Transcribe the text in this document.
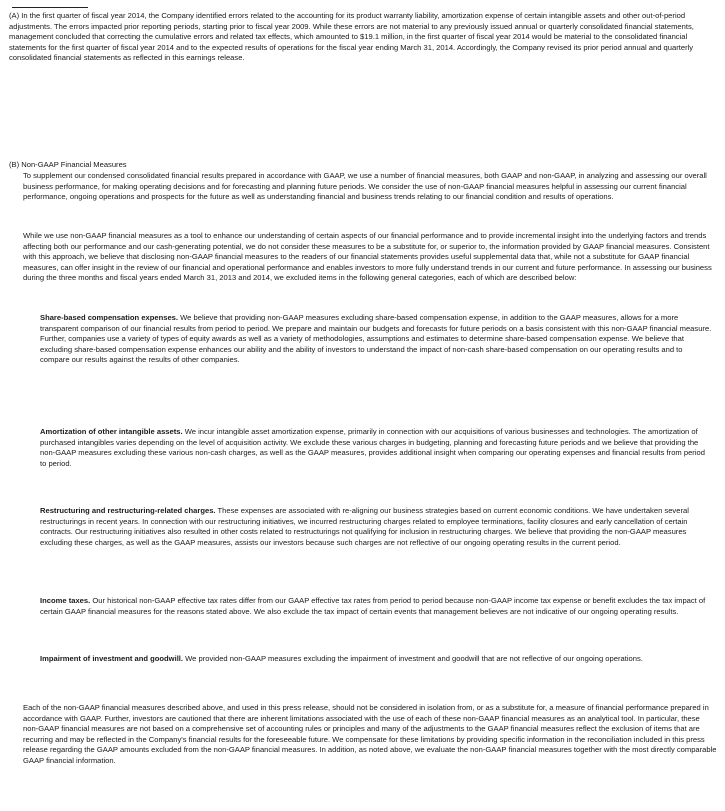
(A) In the first quarter of fiscal year 2014, the Company identified errors related to the accounting for its product warranty liability, amortization expense of certain intangible assets and other out-of-period adjustments. The errors impacted prior reporting periods, starting prior to fiscal year 2009. While these errors are not material to any previously issued annual or quarterly consolidated financial statements, management concluded that correcting the cumulative errors and related tax effects, which amounted to $19.1 million, in the first quarter of fiscal year 2014 would be material to the consolidated financial statements for the first quarter of fiscal year 2014 and to the expected results of operations for the fiscal year ending March 31, 2014. Accordingly, the Company revised its prior period annual and quarterly consolidated financial statements as reflected in this earnings release.

(B) Non-GAAP Financial Measures

To supplement our condensed consolidated financial results prepared in accordance with GAAP, we use a number of financial measures, both GAAP and non-GAAP, in analyzing and assessing our overall business performance, for making operating decisions and for forecasting and planning future periods. We consider the use of non-GAAP financial measures helpful in assessing our current financial performance, ongoing operations and prospects for the future as well as understanding financial and business trends relating to our financial condition and results of operations.

While we use non-GAAP financial measures as a tool to enhance our understanding of certain aspects of our financial performance and to provide incremental insight into the underlying factors and trends affecting both our performance and our cash-generating potential, we do not consider these measures to be a substitute for, or superior to, the information provided by GAAP financial measures. Consistent with this approach, we believe that disclosing non-GAAP financial measures to the readers of our financial statements provides useful supplemental data that, while not a substitute for GAAP financial measures, can offer insight in the review of our financial and operational performance and enables investors to more fully understand trends in our current and future performance. In assessing our business during the three months and fiscal years ended March 31, 2013 and 2014, we excluded items in the following general categories, each of which are described below:

Share-based compensation expenses. We believe that providing non-GAAP measures excluding share-based compensation expense, in addition to the GAAP measures, allows for a more transparent comparison of our financial results from period to period. We prepare and maintain our budgets and forecasts for future periods on a basis consistent with this non-GAAP financial measure. Further, companies use a variety of types of equity awards as well as a variety of methodologies, assumptions and estimates to determine share-based compensation expense. We believe that excluding share-based compensation expense enhances our ability and the ability of investors to understand the impact of non-cash share-based compensation on our operating results and to compare our results against the results of other companies.

Amortization of other intangible assets. We incur intangible asset amortization expense, primarily in connection with our acquisitions of various businesses and technologies. The amortization of purchased intangibles varies depending on the level of acquisition activity. We exclude these various charges in budgeting, planning and forecasting future periods and we believe that providing the non-GAAP measures excluding these various non-cash charges, as well as the GAAP measures, provides additional insight when comparing our operating expenses and financial results from period to period.

Restructuring and restructuring-related charges. These expenses are associated with re-aligning our business strategies based on current economic conditions. We have undertaken several restructurings in recent years. In connection with our restructuring initiatives, we incurred restructuring charges related to employee terminations, facility closures and early cancellation of certain contracts. Our restructuring initiatives also resulted in other costs related to restructurings not qualifying for inclusion in restructuring charges. We believe that providing the non-GAAP measures excluding these charges, as well as the GAAP measures, assists our investors because such charges are not reflective of our ongoing operating results in the current period.

Income taxes. Our historical non-GAAP effective tax rates differ from our GAAP effective tax rates from period to period because non-GAAP income tax expense or benefit excludes the tax impact of certain GAAP financial measures for the reasons stated above. We also exclude the tax impact of certain events that management believes are not indicative of our ongoing operating results.

Impairment of investment and goodwill. We provided non-GAAP measures excluding the impairment of investment and goodwill that are not reflective of our ongoing operations.

Each of the non-GAAP financial measures described above, and used in this press release, should not be considered in isolation from, or as a substitute for, a measure of financial performance prepared in accordance with GAAP. Further, investors are cautioned that there are inherent limitations associated with the use of each of these non-GAAP financial measures as an analytical tool. In particular, these non-GAAP financial measures are not based on a comprehensive set of accounting rules or principles and many of the adjustments to the GAAP financial measures reflect the exclusion of items that are recurring and may be reflected in the Company's financial results for the foreseeable future. We compensate for these limitations by providing specific information in the reconciliation included in this press release regarding the GAAP amounts excluded from the non-GAAP financial measures. In addition, as noted above, we evaluate the non-GAAP financial measures together with the most directly comparable GAAP financial information.
